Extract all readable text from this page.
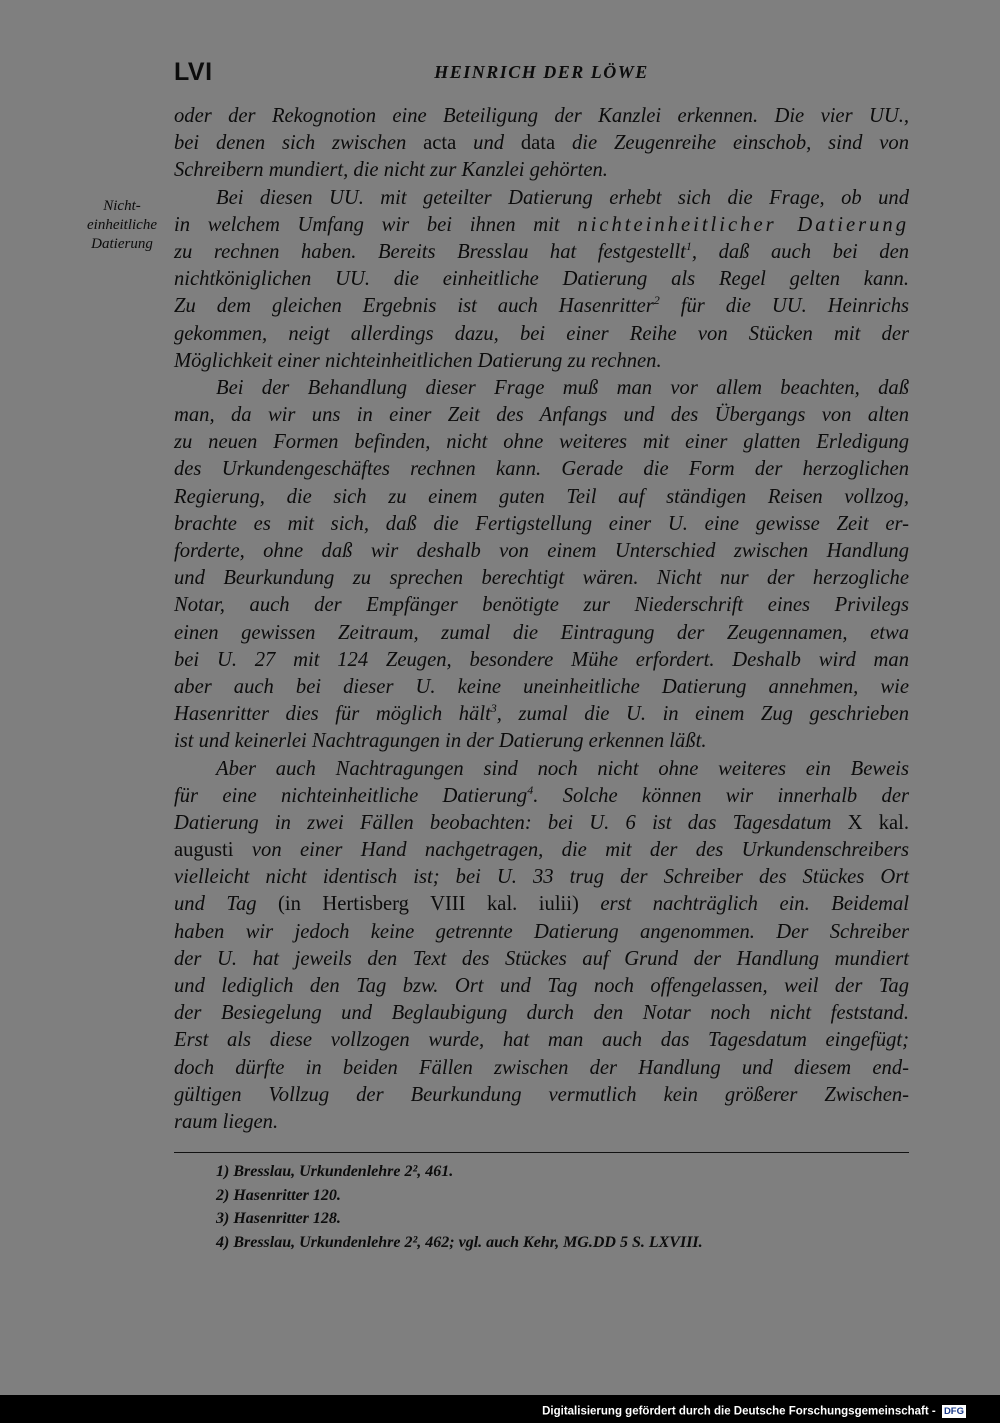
LVI	HEINRICH DER LÖWE
Nicht-
einheitliche
Datierung
oder der Rekognotion eine Beteiligung der Kanzlei erkennen. Die vier UU.,
bei denen sich zwischen acta und data die Zeugenreihe einschob, sind von
Schreibern mundiert, die nicht zur Kanzlei gehörten.
Bei diesen UU. mit geteilter Datierung erhebt sich die Frage, ob und
in welchem Umfang wir bei ihnen mit nichteinheitlicher Datierung
zu rechnen haben. Bereits Bresslau hat festgestellt$^1$, daß auch bei den
nichtköniglichen UU. die einheitliche Datierung als Regel gelten kann.
Zu dem gleichen Ergebnis ist auch Hasenritter$^2$ für die UU. Heinrichs
gekommen, neigt allerdings dazu, bei einer Reihe von Stücken mit der
Möglichkeit einer nichteinheitlichen Datierung zu rechnen.
Bei der Behandlung dieser Frage muß man vor allem beachten, daß
man, da wir uns in einer Zeit des Anfangs und des Übergangs von alten
zu neuen Formen befinden, nicht ohne weiteres mit einer glatten Erledigung
des Urkundengeschäftes rechnen kann. Gerade die Form der herzoglichen
Regierung, die sich zu einem guten Teil auf ständigen Reisen vollzog,
brachte es mit sich, daß die Fertigstellung einer U. eine gewisse Zeit er-
forderte, ohne daß wir deshalb von einem Unterschied zwischen Handlung
und Beurkundung zu sprechen berechtigt wären. Nicht nur der herzogliche
Notar, auch der Empfänger benötigte zur Niederschrift eines Privilegs
einen gewissen Zeitraum, zumal die Eintragung der Zeugennamen, etwa
bei U. 27 mit 124 Zeugen, besondere Mühe erfordert. Deshalb wird man
aber auch bei dieser U. keine uneinheitliche Datierung annehmen, wie
Hasenritter dies für möglich hält$^3$, zumal die U. in einem Zug geschrieben
ist und keinerlei Nachtragungen in der Datierung erkennen läßt.
Aber auch Nachtragungen sind noch nicht ohne weiteres ein Beweis
für eine nichteinheitliche Datierung$^4$. Solche können wir innerhalb der
Datierung in zwei Fällen beobachten: bei U. 6 ist das Tagesdatum X kal.
augusti von einer Hand nachgetragen, die mit der des Urkundenschreibers
vielleicht nicht identisch ist; bei U. 33 trug der Schreiber des Stückes Ort
und Tag (in Hertisberg VIII kal. iulii) erst nachträglich ein. Beidemal
haben wir jedoch keine getrennte Datierung angenommen. Der Schreiber
der U. hat jeweils den Text des Stückes auf Grund der Handlung mundiert
und lediglich den Tag bzw. Ort und Tag noch offengelassen, weil der Tag
der Besiegelung und Beglaubigung durch den Notar noch nicht feststand.
Erst als diese vollzogen wurde, hat man auch das Tagesdatum eingefügt;
doch dürfte in beiden Fällen zwischen der Handlung und diesem end-
gültigen Vollzug der Beurkundung vermutlich kein größerer Zwischen-
raum liegen.
1) Bresslau, Urkundenlehre 2², 461.
2) Hasenritter 120.
3) Hasenritter 128.
4) Bresslau, Urkundenlehre 2², 462; vgl. auch Kehr, MG.DD 5 S. LXVIII.
Digitalisierung gefördert durch die Deutsche Forschungsgemeinschaft - DFG
